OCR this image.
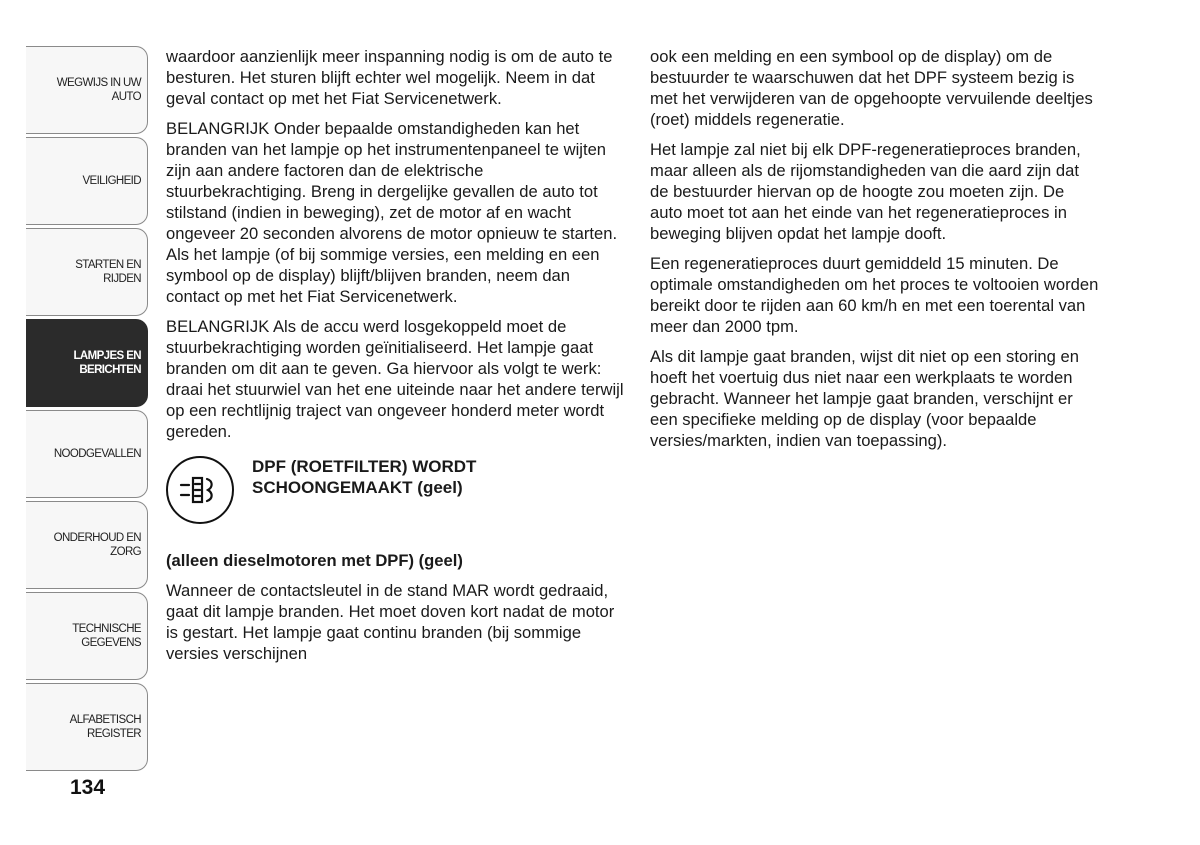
WEGWIJS IN UW AUTO
VEILIGHEID
STARTEN EN RIJDEN
LAMPJES EN BERICHTEN
NOODGEVALLEN
ONDERHOUD EN ZORG
TECHNISCHE GEGEVENS
ALFABETISCH REGISTER
134

waardoor aanzienlijk meer inspanning nodig is om de auto te besturen. Het sturen blijft echter wel mogelijk. Neem in dat geval contact op met het Fiat Servicenetwerk.

BELANGRIJK Onder bepaalde omstandigheden kan het branden van het lampje op het instrumentenpaneel te wijten zijn aan andere factoren dan de elektrische stuurbekrachtiging. Breng in dergelijke gevallen de auto tot stilstand (indien in beweging), zet de motor af en wacht ongeveer 20 seconden alvorens de motor opnieuw te starten. Als het lampje (of bij sommige versies, een melding en een symbool op de display) blijft/blijven branden, neem dan contact op met het Fiat Servicenetwerk.

BELANGRIJK Als de accu werd losgekoppeld moet de stuurbekrachtiging worden geïnitialiseerd. Het lampje gaat branden om dit aan te geven. Ga hiervoor als volgt te werk: draai het stuurwiel van het ene uiteinde naar het andere terwijl op een rechtlijnig traject van ongeveer honderd meter wordt gereden.

DPF (ROETFILTER) WORDT
SCHOONGEMAAKT (geel)

(alleen dieselmotoren met DPF) (geel)

Wanneer de contactsleutel in de stand MAR wordt gedraaid, gaat dit lampje branden. Het moet doven kort nadat de motor is gestart. Het lampje gaat continu branden (bij sommige versies verschijnen

ook een melding en een symbool op de display) om de bestuurder te waarschuwen dat het DPF systeem bezig is met het verwijderen van de opgehoopte vervuilende deeltjes (roet) middels regeneratie.

Het lampje zal niet bij elk DPF-regeneratieproces branden, maar alleen als de rijomstandigheden van die aard zijn dat de bestuurder hiervan op de hoogte zou moeten zijn. De auto moet tot aan het einde van het regeneratieproces in beweging blijven opdat het lampje dooft.

Een regeneratieproces duurt gemiddeld 15 minuten. De optimale omstandigheden om het proces te voltooien worden bereikt door te rijden aan 60 km/h en met een toerental van meer dan 2000 tpm.

Als dit lampje gaat branden, wijst dit niet op een storing en hoeft het voertuig dus niet naar een werkplaats te worden gebracht. Wanneer het lampje gaat branden, verschijnt er een specifieke melding op de display (voor bepaalde versies/markten, indien van toepassing).
